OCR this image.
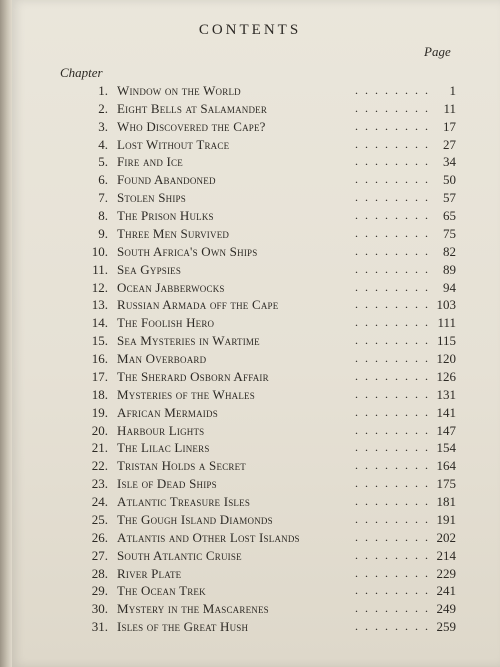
CONTENTS
Page
Chapter
1. Window on the World	. . . . . . . . 1
2. Eight Bells at Salamander	. . . . . . . . 11
3. Who Discovered the Cape?	. . . . . . . . 17
4. Lost Without Trace	. . . . . . . . 27
5. Fire and Ice	. . . . . . . . 34
6. Found Abandoned	. . . . . . . . 50
7. Stolen Ships	. . . . . . . . 57
8. The Prison Hulks	. . . . . . . . 65
9. Three Men Survived	. . . . . . . . 75
10. South Africa's Own Ships	. . . . . . . . 82
11. Sea Gypsies	. . . . . . . . 89
12. Ocean Jabberwocks	. . . . . . . . 94
13. Russian Armada off the Cape	. . . . . . . . 103
14. The Foolish Hero	. . . . . . . . 111
15. Sea Mysteries in Wartime	. . . . . . . . 115
16. Man Overboard	. . . . . . . . 120
17. The Sherard Osborn Affair	. . . . . . . . 126
18. Mysteries of the Whales	. . . . . . . . 131
19. African Mermaids	. . . . . . . . 141
20. Harbour Lights	. . . . . . . . 147
21. The Lilac Liners	. . . . . . . . 154
22. Tristan Holds a Secret	. . . . . . . . 164
23. Isle of Dead Ships	. . . . . . . . 175
24. Atlantic Treasure Isles	. . . . . . . . 181
25. The Gough Island Diamonds	. . . . . . . . 191
26. Atlantis and Other Lost Islands	. . . . . . . . 202
27. South Atlantic Cruise	. . . . . . . . 214
28. River Plate	. . . . . . . . 229
29. The Ocean Trek	. . . . . . . . 241
30. Mystery in the Mascarenes	. . . . . . . . 249
31. Isles of the Great Hush	. . . . . . . . 259
